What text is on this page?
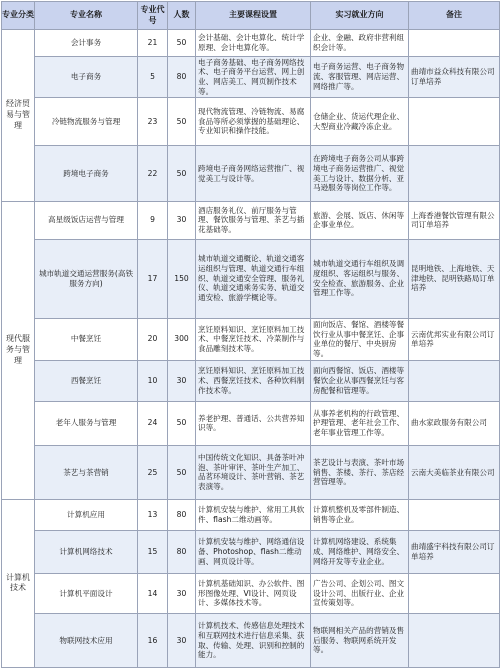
专业分类	专业名称	专业代号	人数	主要课程设置	实习就业方向	备注
经济贸易与管理	会计事务	21	50	会计基础、会计电算化、统计学原理、会计电算化等。	企业、金融、政府非营利组织会计等。	
	电子商务	5	80	电子商务基础、电子商务网络技术、电子商务平台运营、网上创业、网店美工、网页制作技术等。	电子商务运营、电子商务物流、客服管理、网店运营、网络推广等。	曲靖市益众科技有限公司订单培养
	冷链物流服务与管理	23	50	现代物流管理、冷链物流、易腐食品等所必须掌握的基础理论、专业知识和操作技能。	仓储企业、货运代理企业、大型商业冷藏冷冻企业。	
	跨境电子商务	22	50	跨境电子商务网络运营推广、视觉美工与设计等。	在跨境电子商务公司从事跨境电子商务运营推广、视觉美工与设计、数据分析、亚马逊服务等岗位工作等。	
现代服务与管理	高星级饭店运营与管理	9	30	酒店服务礼仪、前厅服务与管理、餐饮服务与管理、茶艺与插花基础等。	旅游、会展、饭店、休闲等企事业单位。	上海香港餐饮管理有限公司订单培养
	城市轨道交通运营服务(高铁服务方向)	17	150	城市轨道交通概论、轨道交通客运组织与管理、轨道交通行车组织、轨道交通安全管理、服务礼仪、轨道交通乘务实务、轨道交通安检、旅游学概论等。	城市轨道交通行车组织及调度组织、客运组织与服务、安全检查、旅游服务、企业管理工作等。	昆明地铁、上海地铁、天津地铁、昆明铁路局订单培养
	中餐烹饪	20	300	烹饪原料知识、烹饪原料加工技术、中餐烹饪技术、冷菜制作与食品雕刻技术等。	面向饭店、餐馆、酒楼等餐饮行业从事中餐烹饪、企事业单位的餐厅、中央厨房等。	云南优邦实业有限公司订单培养
	西餐烹饪	10	30	烹饪原料知识、烹饪原料加工技术、西餐烹饪技术、各种饮料制作技术等。	面向西餐馆、饭店、酒楼等餐饮企业从事西餐烹饪与客房配餐和管理等。	
	老年人服务与管理	24	50	养老护理、普通话、公共营养知识等。	从事养老机构的行政管理、护理管理、老年社会工作、老年事业管理工作等。	曲水家政服务有限公司
	茶艺与茶营销	25	50	中国传统文化知识、具备茶叶冲泡、茶叶审评、茶叶生产加工、品茗环境设计、茶叶营销、茶艺表演等。	茶艺设计与表演、茶叶市场销售、茶楼、茶行、茶店经营管理等。	云南大美临茶业有限公司
计算机技术	计算机应用	13	80	计算机安装与维护、常用工具软件、flash二维动画等。	计算机整机及零部件制造、销售等企业。	
	计算机网络技术	15	80	计算机安装与维护、网络通信设备、Photoshop、flash二维动画、网页设计等。	计算机网络建设、系统集成、网络维护、网络安全、网络开发等专业企业。	曲靖盛宇科技有限公司订单培养
	计算机平面设计	14	30	计算机基础知识、办公软件、图形图像处理、VI设计、网页设计、多媒体技术等。	广告公司、企划公司、图文设计公司、出版行业、企业宣传策划等。	
	物联网技术应用	16	30	计算机技术、传感信息处理技术和互联网技术进行信息采集、获取、传输、处理、识别和控制的能力。	物联网相关产品的营销及售后服务、物联网系统开发等。	
